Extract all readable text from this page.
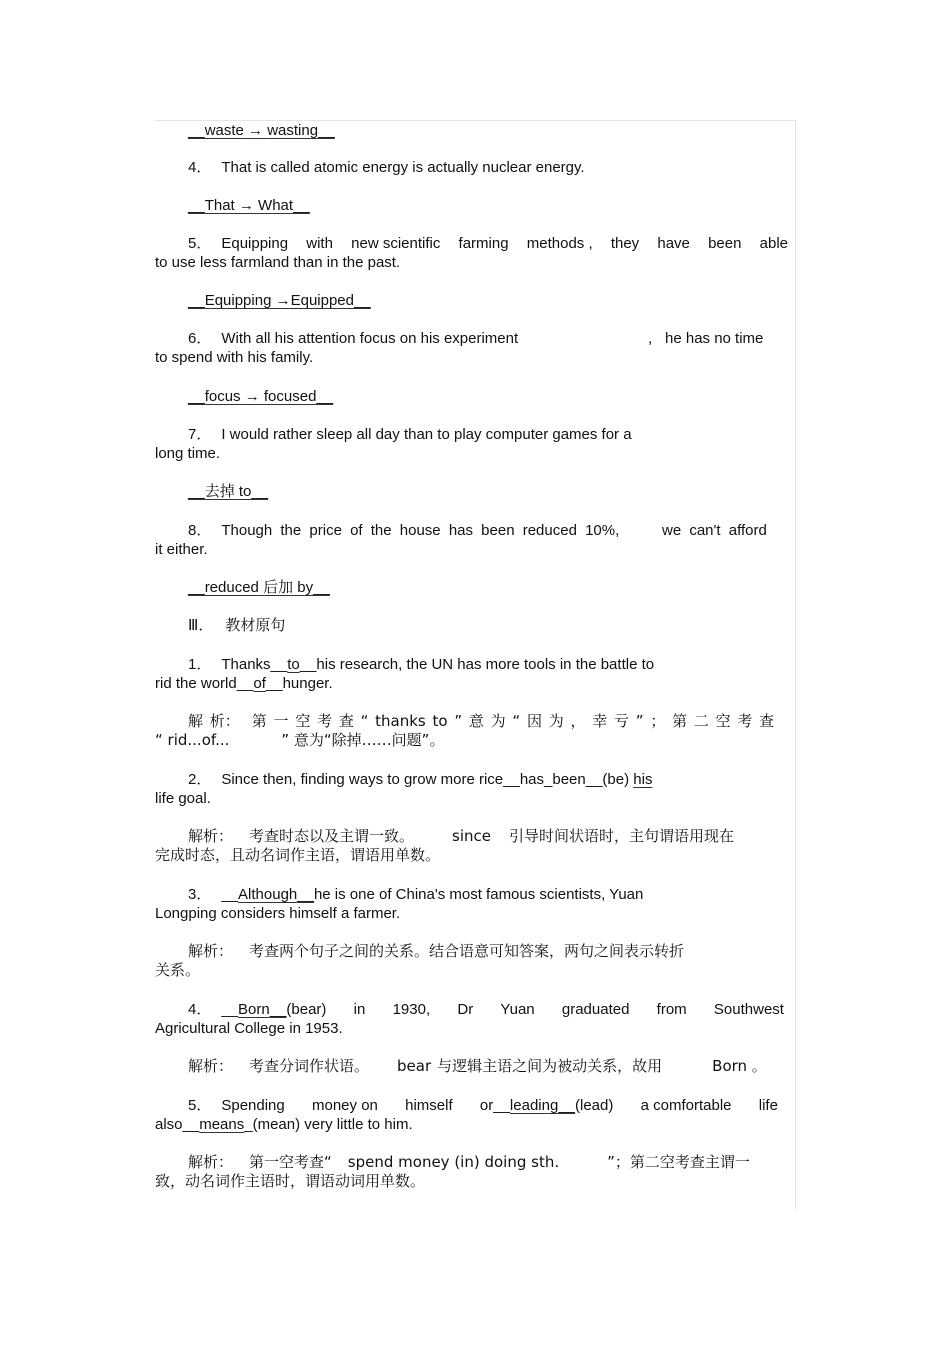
__waste → wasting__
4． That is called atomic energy is actually nuclear energy.
__That → What__
5． Equipping with new scientific farming methods , they have been able
to use less farmland than in the past.
__Equipping →Equipped__
6． With all his attention focus on his experiment	, he has no time
to spend with his family.
__focus → focused__
7． I would rather sleep all day than to play computer games for a
long time.
__去掉 to__
8． Though the price of the house has been reduced 10%,	we can't afford
it either.
__reduced 后加 by__
Ⅲ． 教材原句
1． Thanks__to__his research, the UN has more tools in the battle to
rid the world__of__hunger.
解 析： 第 一 空 考 查 “ thanks to ” 意 为 “ 因 为 ， 幸 亏 ” ； 第 二 空 考 查
“ rid...of...	” 意为“除掉……问题”。
2． Since then, finding ways to grow more rice__has_been__(be) his
life goal.
解析： 考查时态以及主谓一致。	since 引导时间状语时，主句谓语用现在
完成时态，且动名词作主语，谓语用单数。
3． __Although__he is one of China's most famous scientists, Yuan
Longping considers himself a farmer.
解析： 考查两个句子之间的关系。结合语意可知答案，两句之间表示转折
关系。
4． __Born__(bear) in 1930, Dr Yuan graduated from Southwest
Agricultural College in 1953.
解析： 考查分词作状语。 bear 与逻辑主语之间为被动关系，故用	Born 。
5． Spending money on himself or__leading__(lead) a comfortable life
also__means_(mean) very little to him.
解析： 第一空考查“ spend money (in) doing sth.	”；第二空考查主谓一
致，动名词作主语时，谓语动词用单数。
